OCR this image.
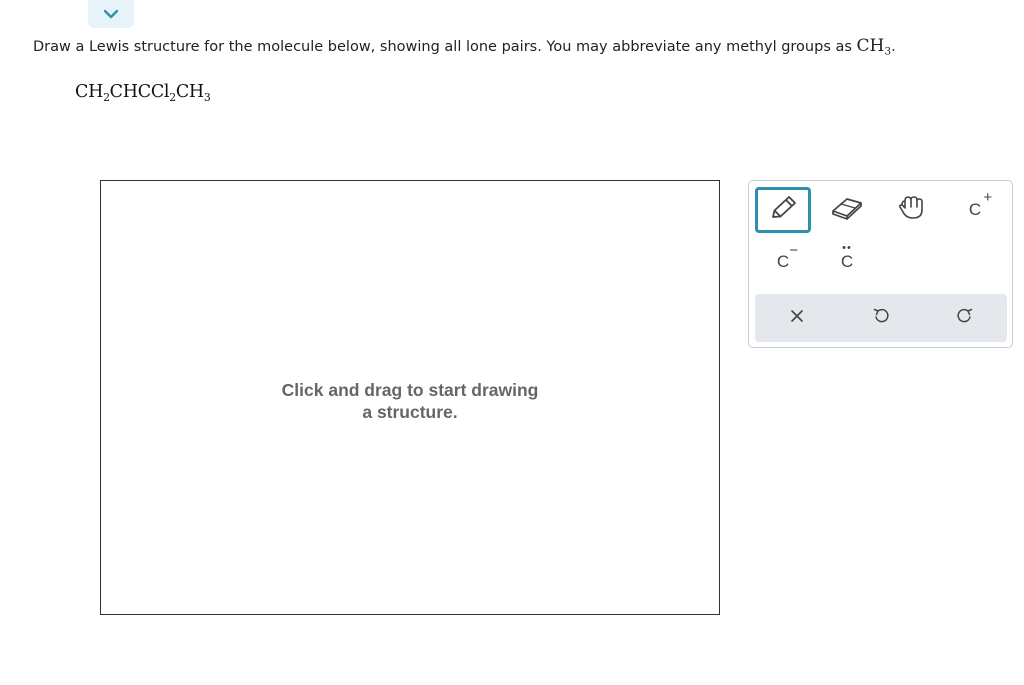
Draw a Lewis structure for the molecule below, showing all lone pairs. You may abbreviate any methyl groups as $CH_3$.
$CH_2CHCCl_2CH_3$
Click and drag to start drawing
a structure.
C
+
C
−	••
C
